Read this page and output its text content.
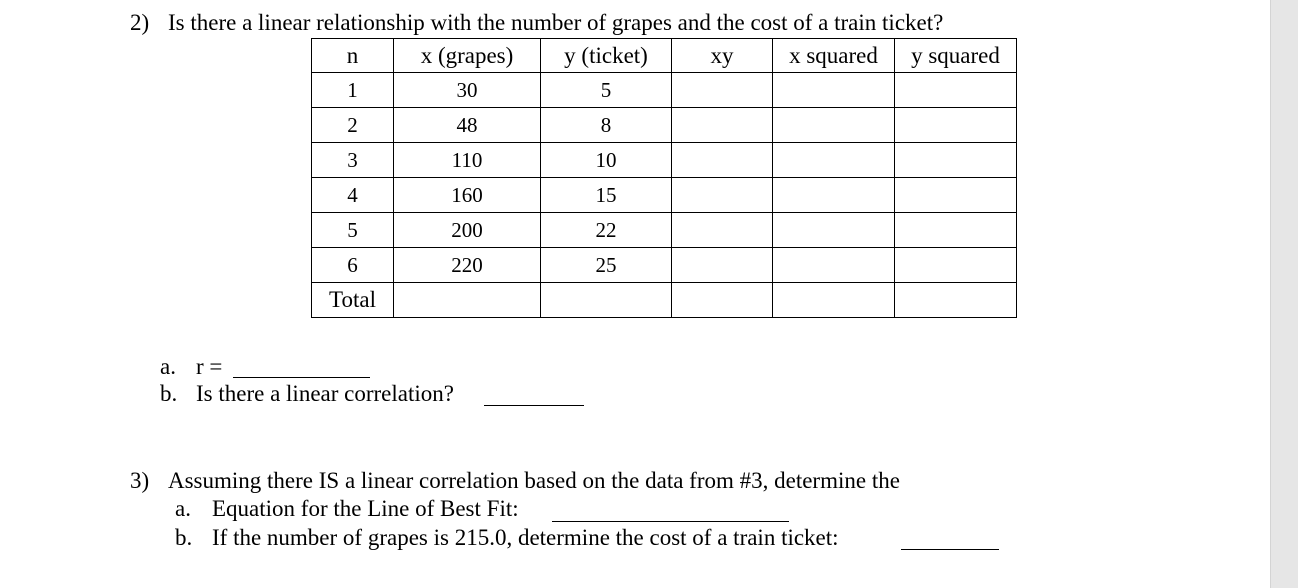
2) Is there a linear relationship with the number of grapes and the cost of a train ticket?
n	x (grapes)	y (ticket)	xy	x squared	y squared
1	30	5			
2	48	8			
3	110	10			
4	160	15			
5	200	22			
6	220	25			
Total					
a. r =
b. Is there a linear correlation?
3) Assuming there IS a linear correlation based on the data from #3, determine the
a. Equation for the Line of Best Fit:
b. If the number of grapes is 215.0, determine the cost of a train ticket:
